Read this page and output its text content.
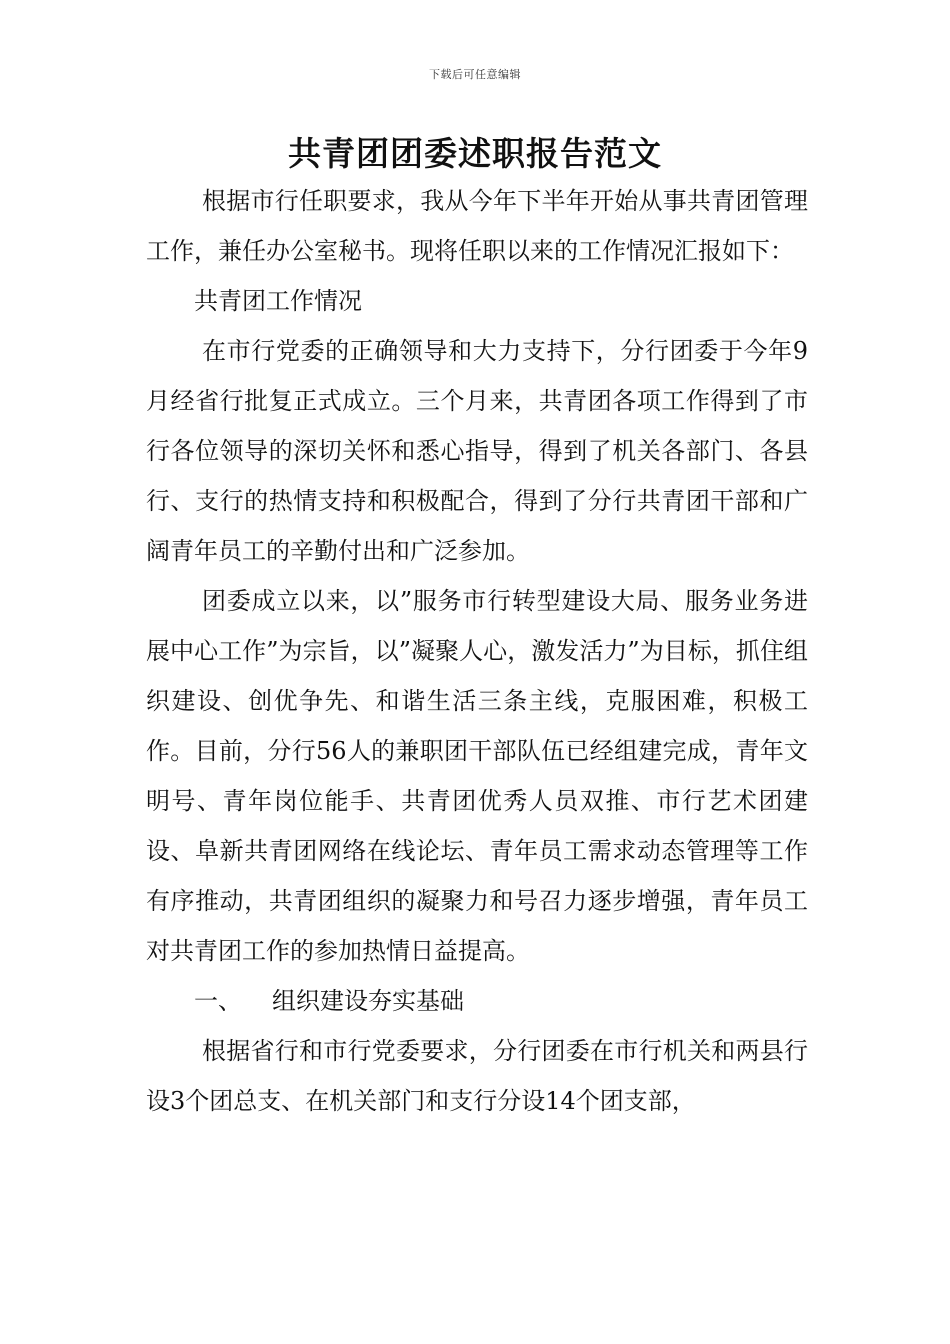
下载后可任意编辑
共青团团委述职报告范文

根据市行任职要求，我从今年下半年开始从事共青团管理工作，兼任办公室秘书。现将任职以来的工作情况汇报如下：

共青团工作情况

在市行党委的正确领导和大力支持下，分行团委于今年9月经省行批复正式成立。三个月来，共青团各项工作得到了市行各位领导的深切关怀和悉心指导，得到了机关各部门、各县行、支行的热情支持和积极配合，得到了分行共青团干部和广阔青年员工的辛勤付出和广泛参加。

团委成立以来，以”服务市行转型建设大局、服务业务进展中心工作”为宗旨，以”凝聚人心，激发活力”为目标，抓住组织建设、创优争先、和谐生活三条主线，克服困难，积极工作。目前，分行56人的兼职团干部队伍已经组建完成，青年文明号、青年岗位能手、共青团优秀人员双推、市行艺术团建设、阜新共青团网络在线论坛、青年员工需求动态管理等工作有序推动，共青团组织的凝聚力和号召力逐步增强，青年员工对共青团工作的参加热情日益提高。

一、 组织建设夯实基础

根据省行和市行党委要求，分行团委在市行机关和两县行设3个团总支、在机关部门和支行分设14个团支部，
